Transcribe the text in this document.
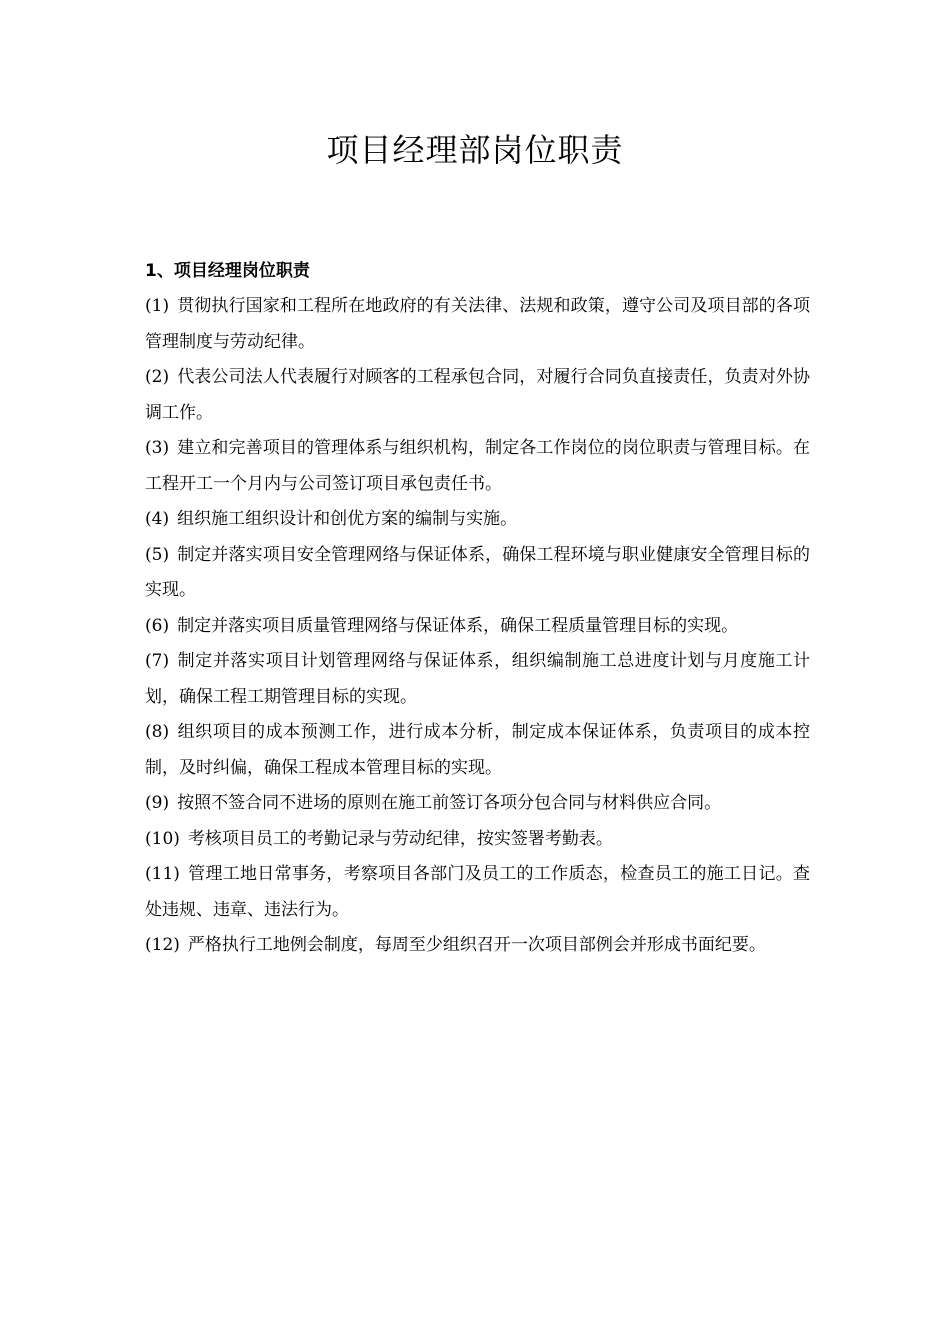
项目经理部岗位职责
1、项目经理岗位职责

(1) 贯彻执行国家和工程所在地政府的有关法律、法规和政策，遵守公司及项目部的各项管理制度与劳动纪律。

(2) 代表公司法人代表履行对顾客的工程承包合同，对履行合同负直接责任，负责对外协调工作。

(3) 建立和完善项目的管理体系与组织机构，制定各工作岗位的岗位职责与管理目标。在工程开工一个月内与公司签订项目承包责任书。

(4) 组织施工组织设计和创优方案的编制与实施。

(5) 制定并落实项目安全管理网络与保证体系，确保工程环境与职业健康安全管理目标的实现。

(6) 制定并落实项目质量管理网络与保证体系，确保工程质量管理目标的实现。

(7) 制定并落实项目计划管理网络与保证体系，组织编制施工总进度计划与月度施工计划，确保工程工期管理目标的实现。

(8) 组织项目的成本预测工作，进行成本分析，制定成本保证体系，负责项目的成本控制，及时纠偏，确保工程成本管理目标的实现。

(9) 按照不签合同不进场的原则在施工前签订各项分包合同与材料供应合同。

(10) 考核项目员工的考勤记录与劳动纪律，按实签署考勤表。

(11) 管理工地日常事务，考察项目各部门及员工的工作质态，检查员工的施工日记。查处违规、违章、违法行为。

(12) 严格执行工地例会制度，每周至少组织召开一次项目部例会并形成书面纪要。
